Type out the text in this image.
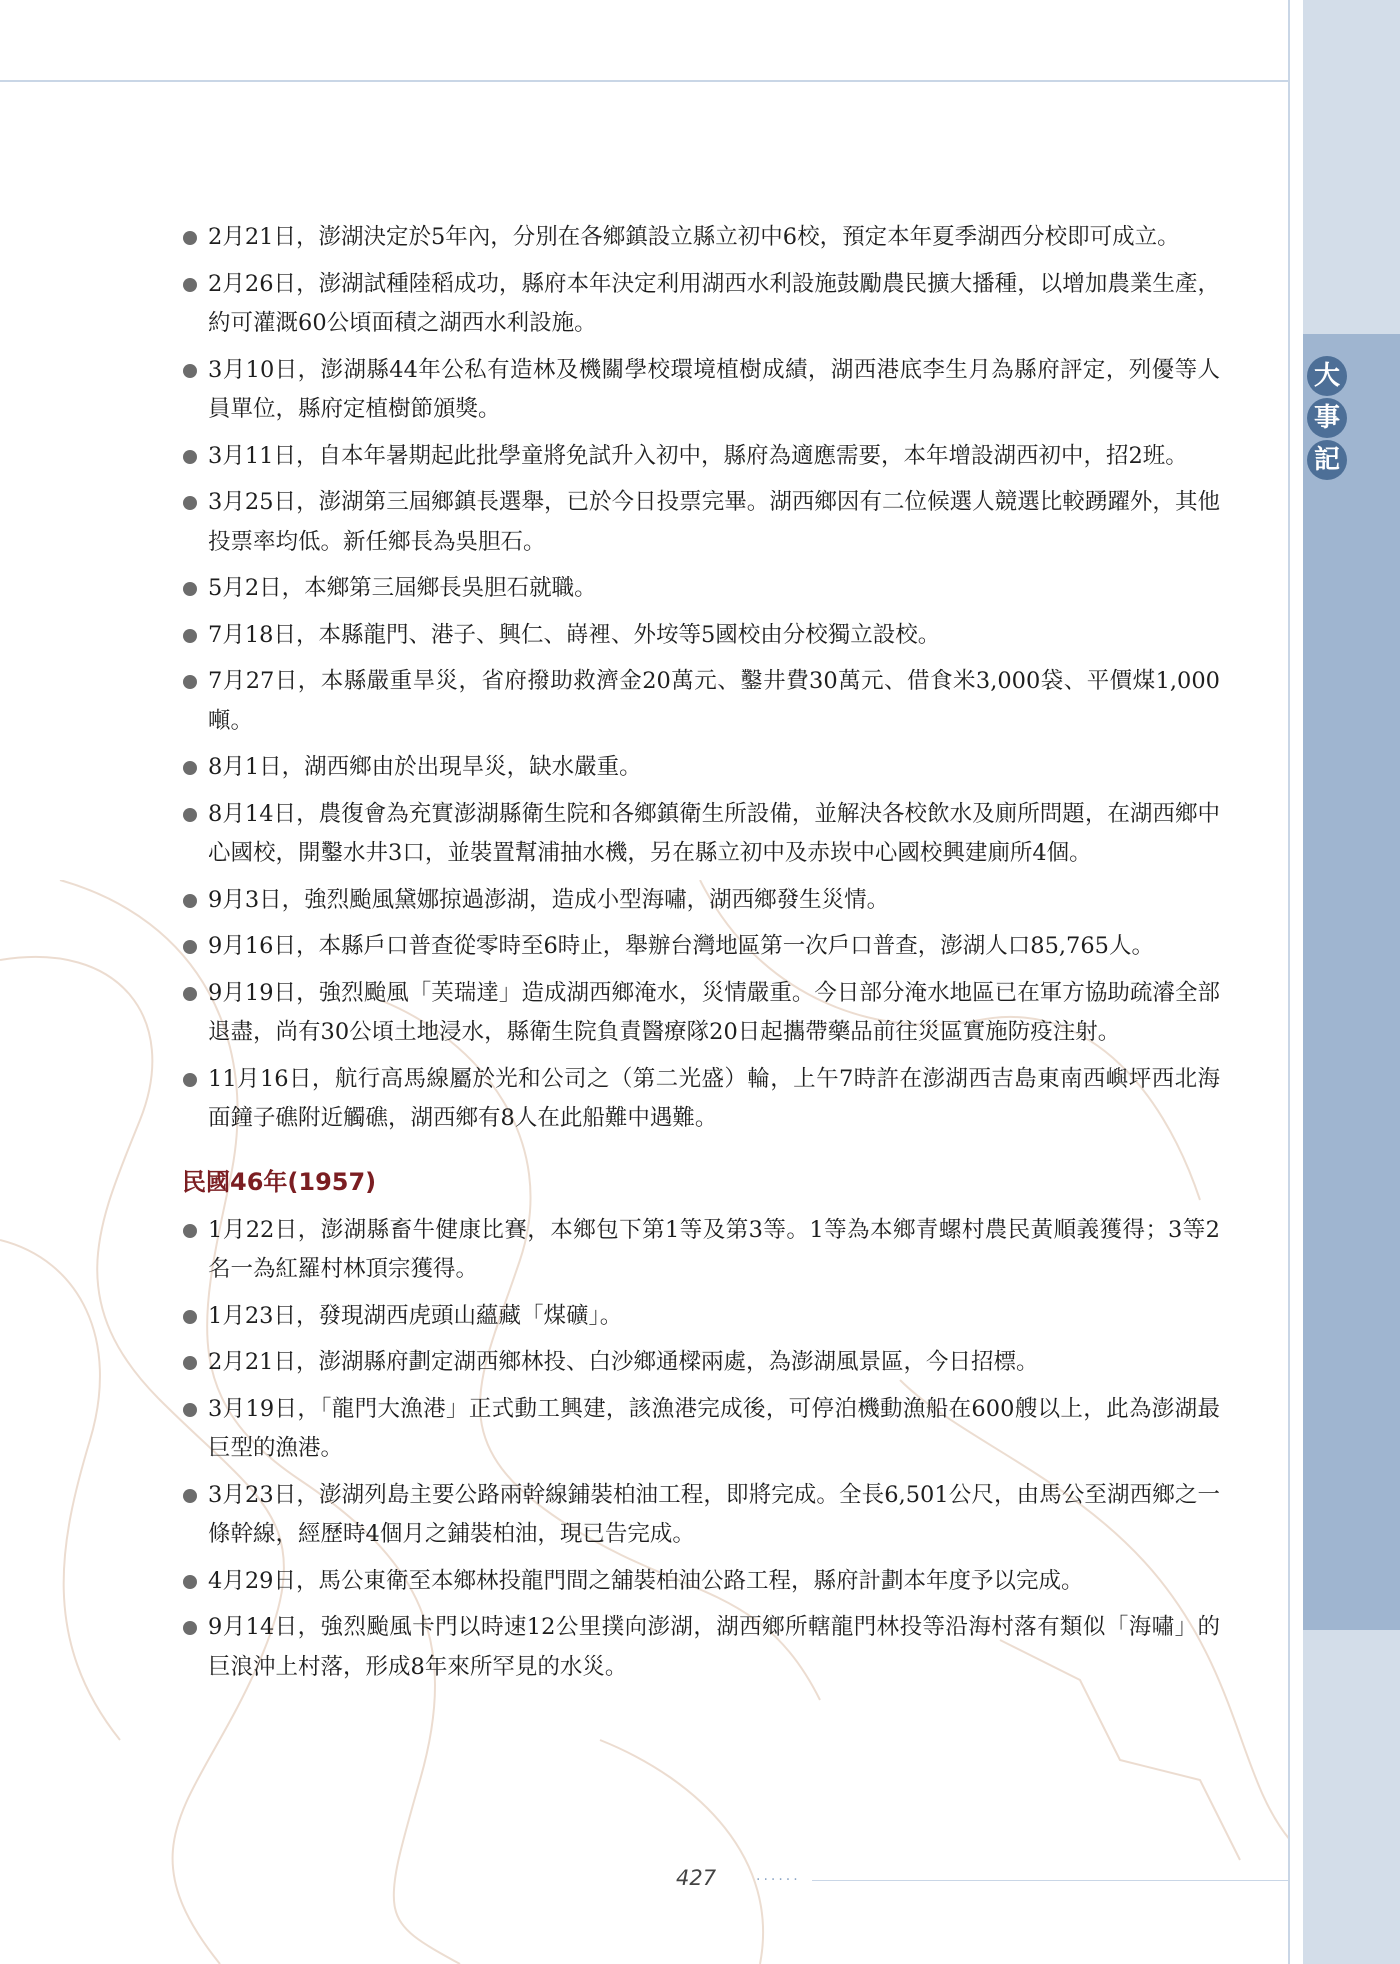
大
事
記
2月21日，澎湖決定於5年內，分別在各鄉鎮設立縣立初中6校，預定本年夏季湖西分校即可成立。
2月26日，澎湖試種陸稻成功，縣府本年決定利用湖西水利設施鼓勵農民擴大播種，以增加農業生產，約可灌溉60公頃面積之湖西水利設施。
3月10日，澎湖縣44年公私有造林及機關學校環境植樹成績，湖西港底李生月為縣府評定，列優等人員單位，縣府定植樹節頒獎。
3月11日，自本年暑期起此批學童將免試升入初中，縣府為適應需要，本年增設湖西初中，招2班。
3月25日，澎湖第三屆鄉鎮長選舉，已於今日投票完畢。湖西鄉因有二位候選人競選比較踴躍外，其他投票率均低。新任鄉長為吳胆石。
5月2日，本鄉第三屆鄉長吳胆石就職。
7月18日，本縣龍門、港子、興仁、嵵裡、外垵等5國校由分校獨立設校。
7月27日，本縣嚴重旱災，省府撥助救濟金20萬元、鑿井費30萬元、借食米3,000袋、平價煤1,000噸。
8月1日，湖西鄉由於出現旱災，缺水嚴重。
8月14日，農復會為充實澎湖縣衛生院和各鄉鎮衛生所設備，並解決各校飲水及廁所問題，在湖西鄉中心國校，開鑿水井3口，並裝置幫浦抽水機，另在縣立初中及赤崁中心國校興建廁所4個。
9月3日，強烈颱風黛娜掠過澎湖，造成小型海嘯，湖西鄉發生災情。
9月16日，本縣戶口普查從零時至6時止，舉辦台灣地區第一次戶口普查，澎湖人口85,765人。
9月19日，強烈颱風「芙瑞達」造成湖西鄉淹水，災情嚴重。今日部分淹水地區已在軍方協助疏濬全部退盡，尚有30公頃土地浸水，縣衛生院負責醫療隊20日起攜帶藥品前往災區實施防疫注射。
11月16日，航行高馬線屬於光和公司之（第二光盛）輪，上午7時許在澎湖西吉島東南西嶼坪西北海面鐘子礁附近觸礁，湖西鄉有8人在此船難中遇難。
民國46年(1957)
1月22日，澎湖縣畜牛健康比賽，本鄉包下第1等及第3等。1等為本鄉青螺村農民黃順義獲得；3等2名一為紅羅村林頂宗獲得。
1月23日，發現湖西虎頭山蘊藏「煤礦」。
2月21日，澎湖縣府劃定湖西鄉林投、白沙鄉通樑兩處，為澎湖風景區，今日招標。
3月19日，「龍門大漁港」正式動工興建，該漁港完成後，可停泊機動漁船在600艘以上，此為澎湖最巨型的漁港。
3月23日，澎湖列島主要公路兩幹線鋪裝柏油工程，即將完成。全長6,501公尺，由馬公至湖西鄉之一條幹線，經歷時4個月之鋪裝柏油，現已告完成。
4月29日，馬公東衛至本鄉林投龍門間之舖裝柏油公路工程，縣府計劃本年度予以完成。
9月14日，強烈颱風卡門以時速12公里撲向澎湖，湖西鄉所轄龍門林投等沿海村落有類似「海嘯」的巨浪沖上村落，形成8年來所罕見的水災。
427	······
